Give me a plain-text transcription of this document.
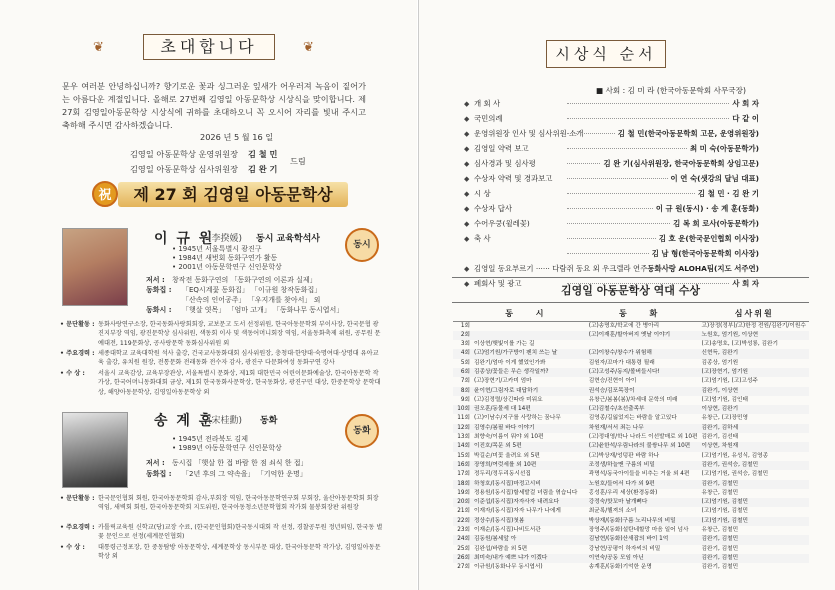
❦	초대합니다	❦
문우 여러분 안녕하십니까? 향기로운 꽃과 싱그러운 잎새가 어우러져 녹음이 짙어가는 아름다운 계절입니다. 올해로 27번째 김영일 아동문학상 시상식을 맞이합니다. 제27회 김영일아동문학상 시상식에 귀하를 초대하오니 꼭 오시어 자리를 빛내 주시고 축하해 주시면 감사하겠습니다.
2026 년 5 월 16 일
김영일 아동문학상 운영위원장 김 철 민
김영일 아동문학상 심사위원장 김 완 기
드림
祝	제 27 회 김영일 아동문학상
이 규 원
(李揆媛) 동시 교육학석사
동시
• 1945년 서울특별시 광진구
• 1984년 새벗회 동화구연가 활동
• 2001년 아동문학연구 신인문학상
저서 : 창작전 동화구연의 「동화구연의 이론과 실제」
동화집 : 「EQ시계꽃 동화집」 「이규원 창작동화집」
「산속의 인어공주」 「우지개를 찾아서」 외
동화시 : 「햇살 엿목」 「엄마 고개」 「동화나무 동시엽서」
• 문단활동 : 동화사랑연구소장, 한국동화사랑회회장, 교보문고 도서 선정위원, 한국아동문학회 부이사장, 한국문협 광진지부장 역임, 광진문학상 심사위원, 색동회 이사 및 색동어머니회장 역임, 서울동화축제 위원, 공무원 문예대전, 119문화상, 공사랑문학 동화심사위원 외
• 주요경력 : 세종대학교 교육대학원 석사 출강, 건국교사동화대회 심사위원장, 충청대·한양대·숙명여대·상명대 유아교육 출강, 유치원 원장, 전통문화 전래동화 전수자 감사, 광진구 다문화여성 동화구연 강사
• 수 상 :	서울시 교육감상, 교육부장관상, 서울특별시 문화상, 제1회 대한민국 어린이문화예술상, 한국아동문학 작가상, 한국어머니동화대회 금상, 제1회 한국동화사문학상, 한국동화상, 광진구민 대상, 한중문학상 문학대상, 해양아동문학상, 김영일아동문학상 외
송 계 훈
(宋桂勳) 동화
동화
• 1945년 전라북도 김제
• 1989년 아동문학연구 신인문학상
저서 : 동시집 「햇살 한 접 바람 한 점 쇠식 한 접」
동화집 : 「2년 후의 그 약속을」 「기억한 운명」
• 문단활동 : 한국문인협회 회원, 한국아동문학회 감사,부회장 역임, 한국아동문학연구회 부회장, 울산아동문학회 회장 역임, 새벽회 회원, 한국아동문학회 지도위원, 한국아동청소년문학협회 작가회 물봉회장판 위원장
• 주요경력 : 카톨릭교육원 신학교(당)교장 수료, (한국문인협회)한국동시대회 작 선정, 경찰공무원 정년퇴임, 한국동 별꽃 문인으로 선정(세계문인협회)
• 수 상 :	대통령근정포장, 한 중동탐방 아동문학상, 세계문학상 동시부문 대상, 한국아동문학 작가상, 김영일아동문학상 외
시상식 순서
■ 사회 : 김 미 라 (한국아동문학회 사무국장)
◆ 개 회 사	사 회 자
◆ 국민의례	다 같 이
◆ 운영위원장 인사 및 심사위원 소개	김 철 민(한국아동문학회 고문, 운영위원장)
◆ 김영일 약력 보고	최 미 숙(아동문학가)
◆ 심사경과 및 심사평	김 완 기(심사위원장, 한국아동문학회 상임고문)
◆ 수상자 약력 및 경과보고	이 연 숙(샛강의 달님 대표)
◆ 시 상	김 철 민 · 김 완 기
◆ 수상자 답사	이 규 원(동시) · 송 계 훈(동화)
◆ 수어우쿵(윌레꽃)	김 복 희 로사(아동문학가)
◆ 축 사	김 호 운(한국문인협회 이사장)
김 남 형(한국아동문학회 이사장)
◆ 김영일 동요부르기 ······ 다람쥐 동요 외 우크렐라 연주 동화사랑 ALOHA팀(지도 서주연)
◆ 폐회사 및 광고	사 회 자
김영일 아동문학상 역대 수상
	동 시	동 화	심사위원
1회		(고)송명호/학교에 간 병아리	고)장정(정부)/고)한정 전원/김완기/이원수
2회		(고)이재훈/할아버지 옛날 이야기	노원호, 엄기원, 이상현
3회	이상현/햇빛이를 가는 길		(고)송명호, (고)박성룡, 김완기
4회	(고)엄기원/가구방이 펜치 쓰는 날	(고)이창수/창수가 위험해	신현득, 김완기
5회	김완기/엄마 이게 했었인가봐	김원자/꼬마가 대통령 될래	김종상, 엄기원
6회	김종상/꽃들은 무슨 생각일까?	(고)고성주/동지/볼버들시다!	(고)장현기, 엄기원
7회	(고)장현기/고카미 엄마	김현승/진현이 아이	(고)엄기원, (고)고성주
8회	윤이현/그림자로 대답하기	권석승/김포목장이	김완기, 이상현
9회	(고)김정렬/상긴따라 미워요	유창근/봄봄(봄)/차세대 문학의 미래	(고)엄기원, 김인태
10회	권오훈/동물세 대 14편	(고)김철수/초선출족부	이상현, 김완기
11회	(고)이남수/지구를 사랑하는 꿈나무	김영종/길잃었지는 바람을 알고있다	유창근, (고)장민영
12회	김영수/봄필 바다 이야기	차원재/서서 죄는 나무	김완기, 김하세
13회	최향숙/이름이 뭐야 외 10편	(고)정대영/학나 나라드 이선발매로 외 10편	김완기, 김선태
14회	이진호/목문 외 5편	(고)윤한석/우림나라의 불쌍나무 외 10편	이상현, 차원재
15회	박길순/미꽃 울려요 외 5편	(고)박상재/엉덩판 바람 하나	(고)엄기원, 유성식, 김영종
16회	장영희/여럿세를 외 10편	조정생/하늘맨 구름의 비밀	김완기, 권석승, 김철민
17회	정두리/정두리동시선집	곽명석/동국아이들을 비추는 거울 외 4편	(고)엄기원, 권석승, 김철민
18회	하청호/(동시집)마정고시비	노원호/들어서 다가 외 9편	김완기, 김철민
19회	정용원/(동시집)할세발걸 녀림을 엮습니다	홍성훈/우리 세상(환경동화)	유창근, 김철민
20회	이준섭/(동시집)자자사자 내려요다	강정숙/핫꼬마 날개뼈다	(고)엄기원, 김철민
21회	이재자/(동시집)자자 나무가 나에게	최균록/헬져의 소녀	(고)엄기원, 김철민
22회	정상수/(동시집)첫봄	박상재/(동화)구름 노리나무의 비밀	(고)엄기원, 김철민
23회	이재순/(동시집)나비도서관	장영주/(동화)설탄네할망 마음 일어 넘사	유창근, 김철민
24회	김동원/봄세앞 아	김남현/(동화)산새잡의 바이 1억	김완기, 김철민
25회	김완섭/바람을 외 5편	강남현/공평이 하자씨의 비밀	김완기, 김철민
26회	최미숙/내가 예쁘 냐가 이겠다	이연숙/공동 모임 아닌	김완기, 김철민
27회	이규원/(동화나무 동시엽서)	송계훈/(동화)기억한 운명	김완기, 김철민
